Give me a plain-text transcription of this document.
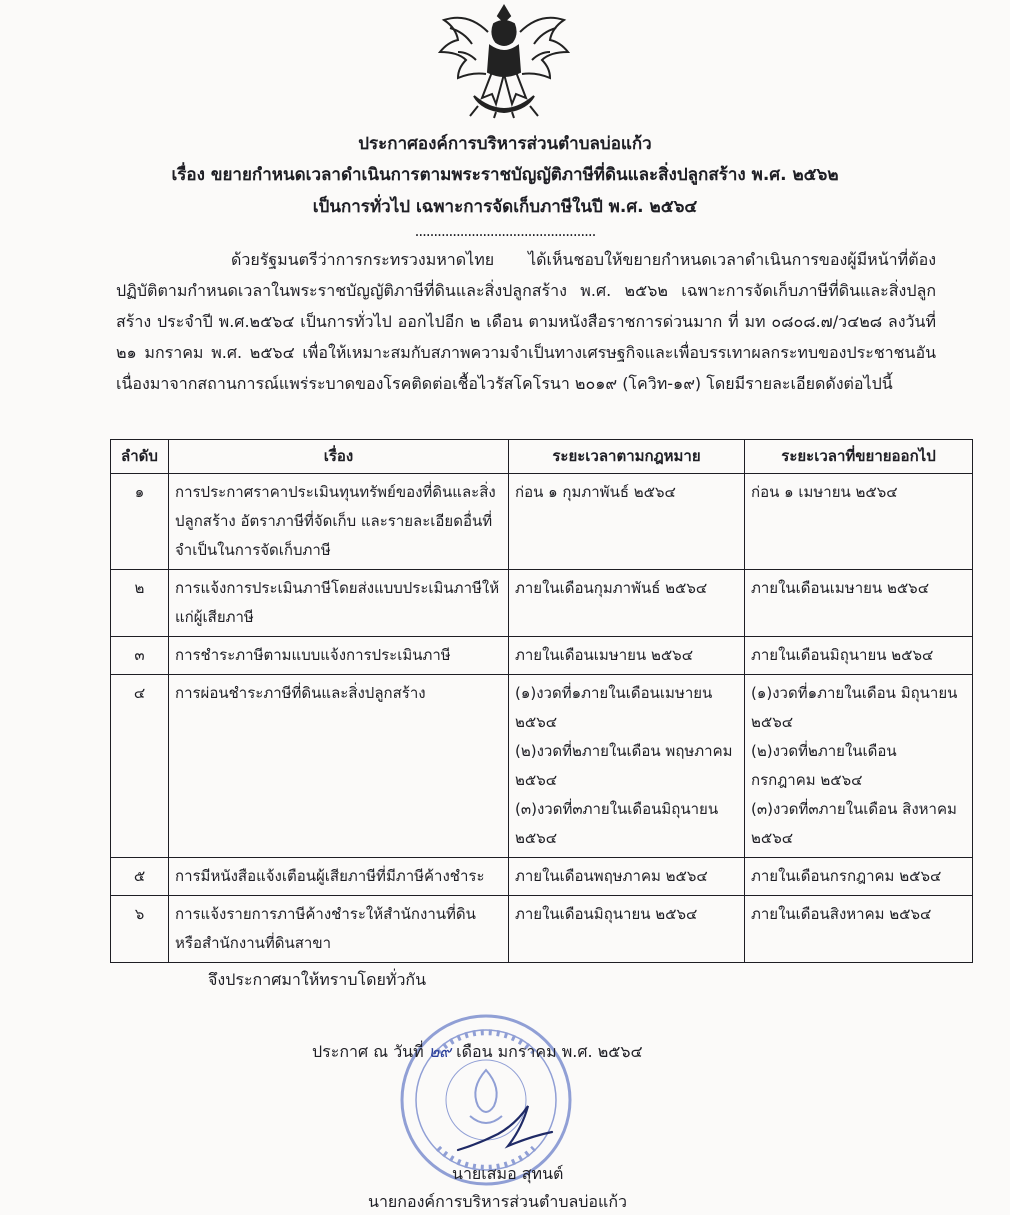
ประกาศองค์การบริหารส่วนตำบลบ่อแก้ว
เรื่อง ขยายกำหนดเวลาดำเนินการตามพระราชบัญญัติภาษีที่ดินและสิ่งปลูกสร้าง พ.ศ. ๒๕๖๒
เป็นการทั่วไป เฉพาะการจัดเก็บภาษีในปี พ.ศ. ๒๕๖๔
................................................
ด้วยรัฐมนตรีว่าการกระทรวงมหาดไทย ได้เห็นชอบให้ขยายกำหนดเวลาดำเนินการของผู้มีหน้าที่ต้องปฏิบัติตามกำหนดเวลาในพระราชบัญญัติภาษีที่ดินและสิ่งปลูกสร้าง พ.ศ. ๒๕๖๒ เฉพาะการจัดเก็บภาษีที่ดินและสิ่งปลูกสร้าง ประจำปี พ.ศ.๒๕๖๔ เป็นการทั่วไป ออกไปอีก ๒ เดือน ตามหนังสือราชการด่วนมาก ที่ มท ๐๘๐๘.๗/ว๔๒๘ ลงวันที่ ๒๑ มกราคม พ.ศ. ๒๕๖๔ เพื่อให้เหมาะสมกับสภาพความจำเป็นทางเศรษฐกิจและเพื่อบรรเทาผลกระทบของประชาชนอันเนื่องมาจากสถานการณ์แพร่ระบาดของโรคติดต่อเชื้อไวรัสโคโรนา ๒๐๑๙ (โควิท-๑๙) โดยมีรายละเอียดดังต่อไปนี้
ลำดับ	เรื่อง	ระยะเวลาตามกฎหมาย	ระยะเวลาที่ขยายออกไป
๑	การประกาศราคาประเมินทุนทรัพย์ของที่ดินและสิ่งปลูกสร้าง อัตราภาษีที่จัดเก็บ และรายละเอียดอื่นที่จำเป็นในการจัดเก็บภาษี	ก่อน ๑ กุมภาพันธ์ ๒๕๖๔	ก่อน ๑ เมษายน ๒๕๖๔
๒	การแจ้งการประเมินภาษีโดยส่งแบบประเมินภาษีให้แก่ผู้เสียภาษี	ภายในเดือนกุมภาพันธ์ ๒๕๖๔	ภายในเดือนเมษายน ๒๕๖๔
๓	การชำระภาษีตามแบบแจ้งการประเมินภาษี	ภายในเดือนเมษายน ๒๕๖๔	ภายในเดือนมิถุนายน ๒๕๖๔
๔	การผ่อนชำระภาษีที่ดินและสิ่งปลูกสร้าง	(๑)งวดที่๑ภายในเดือนเมษายน ๒๕๖๔
(๒)งวดที่๒ภายในเดือน พฤษภาคม ๒๕๖๔
(๓)งวดที่๓ภายในเดือนมิถุนายน ๒๕๖๔	(๑)งวดที่๑ภายในเดือน มิถุนายน ๒๕๖๔
(๒)งวดที่๒ภายในเดือน กรกฎาคม ๒๕๖๔
(๓)งวดที่๓ภายในเดือน สิงหาคม ๒๕๖๔

๕	การมีหนังสือแจ้งเตือนผู้เสียภาษีที่มีภาษีค้างชำระ	ภายในเดือนพฤษภาคม ๒๕๖๔	ภายในเดือนกรกฎาคม ๒๕๖๔
๖	การแจ้งรายการภาษีค้างชำระให้สำนักงานที่ดินหรือสำนักงานที่ดินสาขา	ภายในเดือนมิถุนายน ๒๕๖๔	ภายในเดือนสิงหาคม ๒๕๖๔
จึงประกาศมาให้ทราบโดยทั่วกัน
ประกาศ ณ วันที่ ๒๙ เดือน มกราคม พ.ศ. ๒๕๖๔
นายเสมอ สุทนต์
นายกองค์การบริหารส่วนตำบลบ่อแก้ว
